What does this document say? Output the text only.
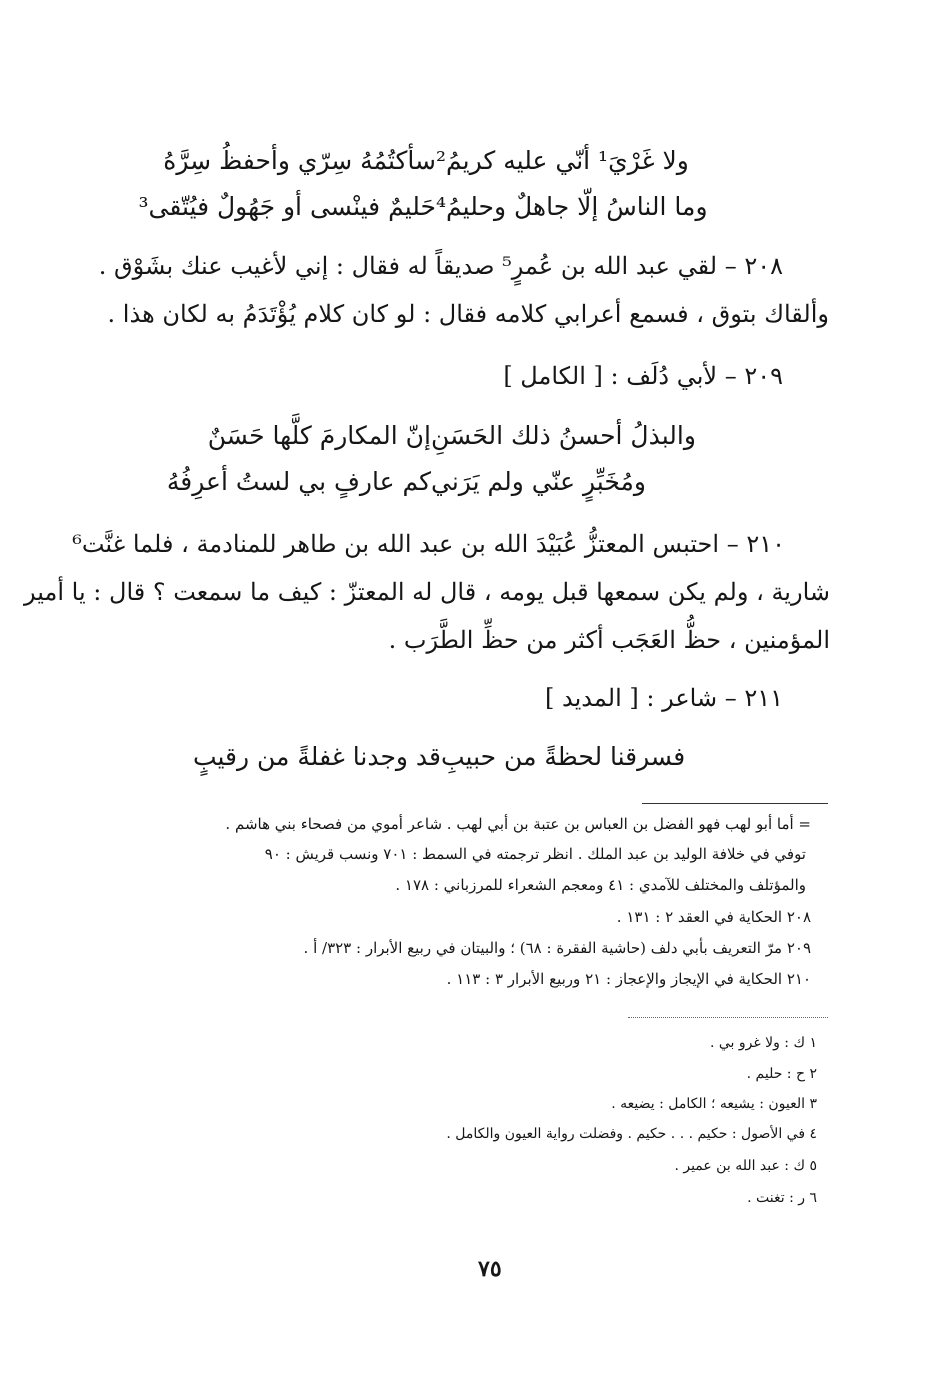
سأكتُمُهُ سِرّي وأحفظُ سِرَّهُولا غَرْيَ¹ أنّي عليه كريمُ²
حَليمٌ فينْسى أو جَهُولٌ فيُتّقى³وما الناسُ إلّا جاهلٌ وحليمُ⁴
٢٠٨ – لقي عبد الله بن عُمرٍ⁵ صديقاً له فقال : إني لأغيب عنك بشَوْق .
وألقاك بتوق ، فسمع أعرابي كلامه فقال : لو كان كلام يُؤْتَدَمُ به لكان هذا .
٢٠٩ – لأبي دُلَف : [ الكامل ]
إنّ المكارمَ كلَّها حَسَنٌوالبذلُ أحسنُ ذلك الحَسَنِ
كم عارفٍ بي لستُ أعرِفُهُومُخَبِّرٍ عنّي ولم يَرَني
٢١٠ – احتبس المعتزُّ عُبَيْدَ الله بن عبد الله بن طاهر للمنادمة ، فلما غنَّت⁶
شارية ، ولم يكن سمعها قبل يومه ، قال له المعتزّ : كيف ما سمعت ؟ قال : يا أمير
المؤمنين ، حظُّ العَجَب أكثر من حظِّ الطَّرَب .
٢١١ – شاعر : [ المديد ]
قد وجدنا غفلةً من رقيبٍفسرقنا لحظةً من حبيبِ
= أما أبو لهب فهو الفضل بن العباس بن عتبة بن أبي لهب . شاعر أموي من فصحاء بني هاشم .
توفي في خلافة الوليد بن عبد الملك . انظر ترجمته في السمط : ٧٠١ ونسب قريش : ٩٠
والمؤتلف والمختلف للآمدي : ٤١ ومعجم الشعراء للمرزباني : ١٧٨ .
٢٠٨ الحكاية في العقد ٢ : ١٣١ .
٢٠٩ مرّ التعريف بأبي دلف (حاشية الفقرة : ٦٨) ؛ والبيتان في ربيع الأبرار : ٣٢٣/ أ .
٢١٠ الحكاية في الإيجاز والإعجاز : ٢١ وربيع الأبرار ٣ : ١١٣ .
١ ك : ولا غرو بي .
٢ ح : حليم .
٣ العيون : يشيعه ؛ الكامل : يضيعه .
٤ في الأصول : حكيم . . . حكيم . وفضلت رواية العيون والكامل .
٥ ك : عبد الله بن عمير .
٦ ر : تغنت .
٧٥
